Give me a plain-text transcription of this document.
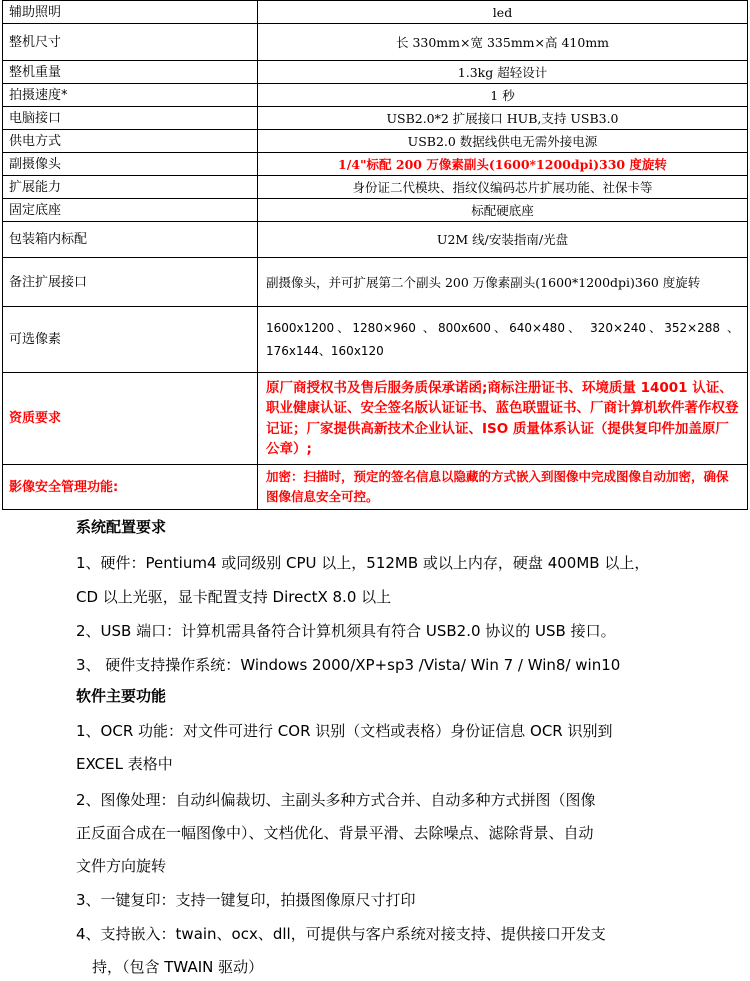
辅助照明	led
整机尺寸	长 330mm×宽 335mm×高 410mm
整机重量	1.3kg 超轻设计
拍摄速度*	1 秒
电脑接口	USB2.0*2 扩展接口 HUB,支持 USB3.0
供电方式	USB2.0 数据线供电无需外接电源
副摄像头	1/4"标配 200 万像素副头(1600*1200dpi)330 度旋转
扩展能力	身份证二代模块、指纹仪编码芯片扩展功能、社保卡等
固定底座	标配硬底座
包装箱内标配	U2M 线/安装指南/光盘
备注扩展接口	副摄像头，并可扩展第二个副头 200 万像素副头(1600*1200dpi)360 度旋转
可选像素	1600x1200、1280×960 、800x600、640×480、 320×240、352×288 、176x144、160x120
资质要求	原厂商授权书及售后服务质保承诺函;商标注册证书、环境质量 14001 认证、职业健康认证、安全签名版认证证书、蓝色联盟证书、厂商计算机软件著作权登记证；厂家提供高新技术企业认证、ISO 质量体系认证（提供复印件加盖原厂公章）;
影像安全管理功能:	加密：扫描时，预定的签名信息以隐藏的方式嵌入到图像中完成图像自动加密，确保图像信息安全可控。
系统配置要求
1、硬件：Pentium4 或同级别 CPU 以上，512MB 或以上内存，硬盘 400MB 以上，
CD 以上光驱，显卡配置支持 DirectX 8.0 以上
2、USB 端口：计算机需具备符合计算机须具有符合 USB2.0 协议的 USB 接口。
3、 硬件支持操作系统：Windows 2000/XP+sp3 /Vista/ Win 7 / Win8/ win10
软件主要功能
1、OCR 功能：对文件可进行 COR 识别（文档或表格）身份证信息 OCR 识别到
EXCEL 表格中
2、图像处理：自动纠偏裁切、主副头多种方式合并、自动多种方式拼图（图像
正反面合成在一幅图像中）、文档优化、背景平滑、去除噪点、滤除背景、自动
文件方向旋转
3、一键复印：支持一键复印，拍摄图像原尺寸打印
4、支持嵌入：twain、ocx、dll，可提供与客户系统对接支持、提供接口开发支
持，（包含 TWAIN 驱动）
